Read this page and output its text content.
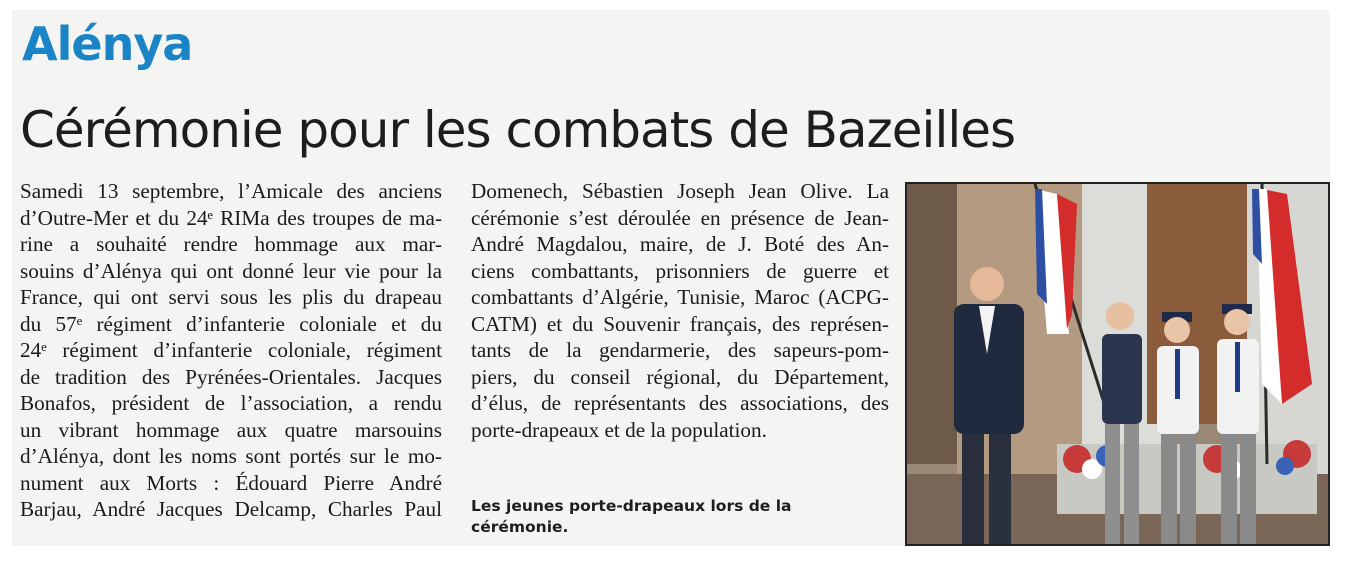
Alénya
Cérémonie pour les combats de Bazeilles
Samedi 13 septembre, l’Amicale des anciens
d’Outre-Mer et du 24ᵉ RIMa des troupes de ma-
rine a souhaité rendre hommage aux mar-
souins d’Alénya qui ont donné leur vie pour la
France, qui ont servi sous les plis du drapeau
du 57ᵉ régiment d’infanterie coloniale et du
24ᵉ régiment d’infanterie coloniale, régiment
de tradition des Pyrénées-Orientales. Jacques
Bonafos, président de l’association, a rendu
un vibrant hommage aux quatre marsouins
d’Alénya, dont les noms sont portés sur le mo-
nument aux Morts : Édouard Pierre André
Barjau, André Jacques Delcamp, Charles Paul
Domenech, Sébastien Joseph Jean Olive. La
cérémonie s’est déroulée en présence de Jean-
André Magdalou, maire, de J. Boté des An-
ciens combattants, prisonniers de guerre et
combattants d’Algérie, Tunisie, Maroc (ACPG-
CATM) et du Souvenir français, des représen-
tants de la gendarmerie, des sapeurs-pom-
piers, du conseil régional, du Département,
d’élus, de représentants des associations, des
porte-drapeaux et de la population.
Les jeunes porte-drapeaux lors de la
cérémonie.
